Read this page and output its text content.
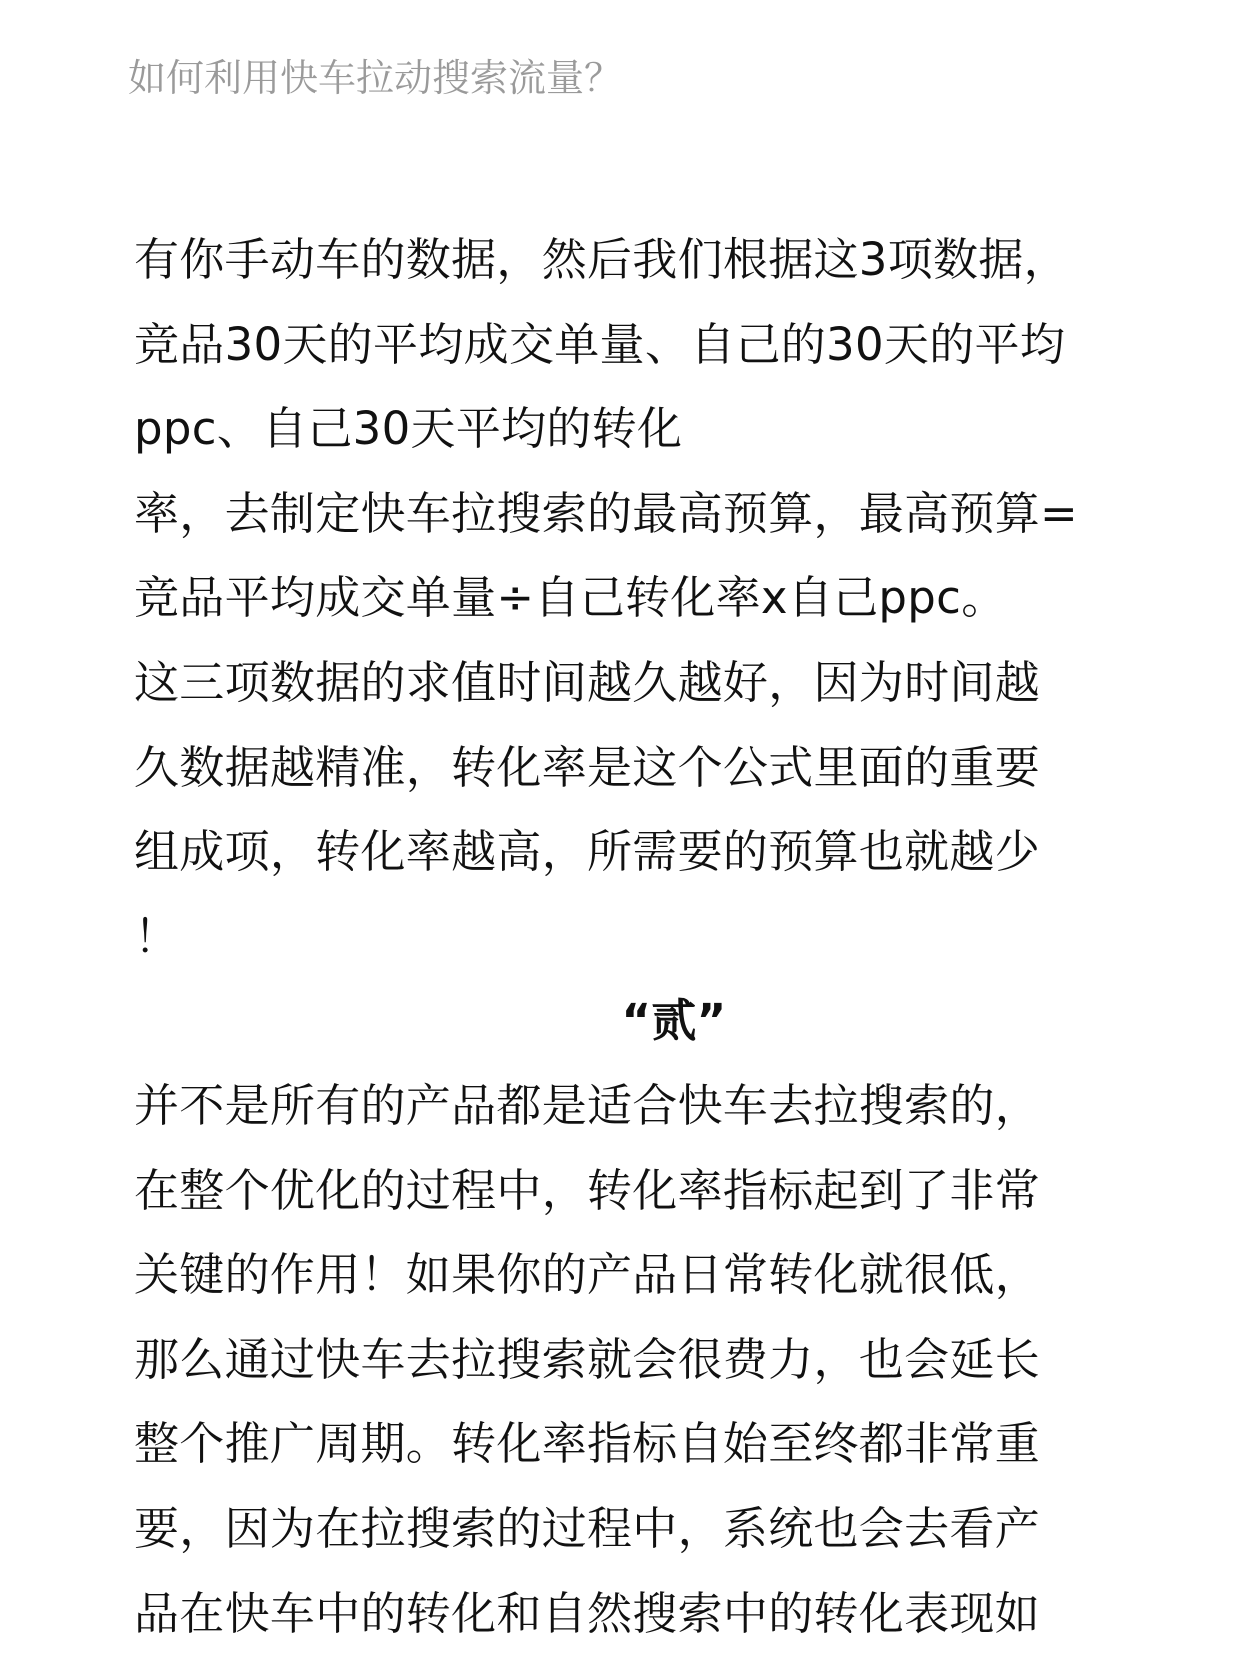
如何利用快车拉动搜索流量？
有你手动车的数据，然后我们根据这3项数据，
竞品30天的平均成交单量、自己的30天的平均
ppc、自己30天平均的转化
率，去制定快车拉搜索的最高预算，最高预算=
竞品平均成交单量÷自己转化率x自己ppc。
这三项数据的求值时间越久越好，因为时间越
久数据越精准，转化率是这个公式里面的重要
组成项，转化率越高，所需要的预算也就越少
！
“贰”
并不是所有的产品都是适合快车去拉搜索的，
在整个优化的过程中，转化率指标起到了非常
关键的作用！如果你的产品日常转化就很低，
那么通过快车去拉搜索就会很费力，也会延长
整个推广周期。转化率指标自始至终都非常重
要，因为在拉搜索的过程中，系统也会去看产
品在快车中的转化和自然搜索中的转化表现如
